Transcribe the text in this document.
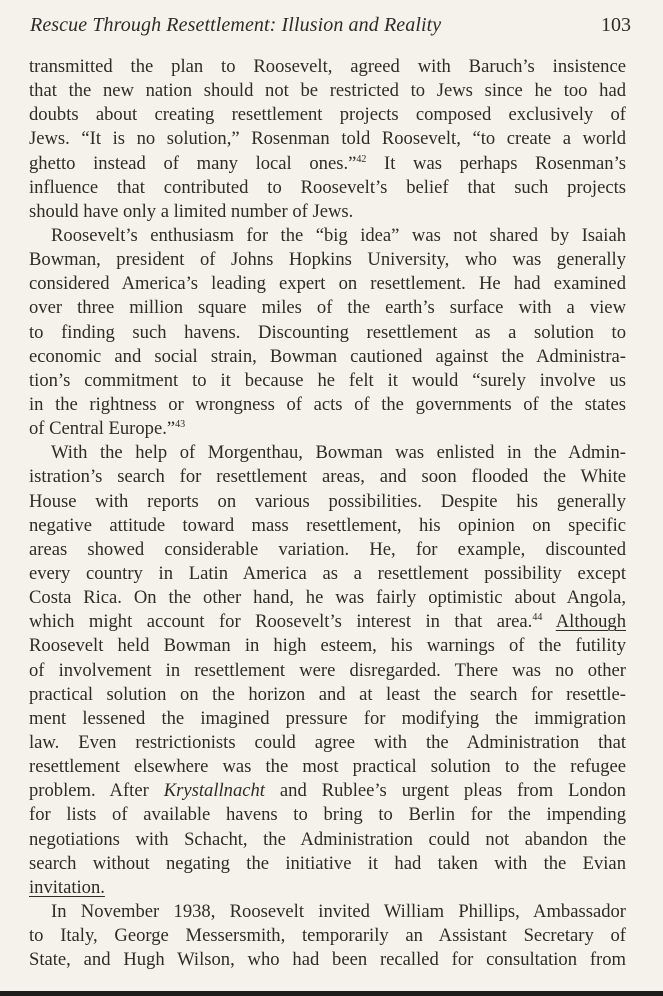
Rescue Through Resettlement: Illusion and Reality	103
transmitted the plan to Roosevelt, agreed with Baruch’s insistence
that the new nation should not be restricted to Jews since he too had
doubts about creating resettlement projects composed exclusively of
Jews. “It is no solution,” Rosenman told Roosevelt, “to create a world
ghetto instead of many local ones.”$^{42}$ It was perhaps Rosenman’s
influence that contributed to Roosevelt’s belief that such projects
should have only a limited number of Jews.
Roosevelt’s enthusiasm for the “big idea” was not shared by Isaiah
Bowman, president of Johns Hopkins University, who was generally
considered America’s leading expert on resettlement. He had examined
over three million square miles of the earth’s surface with a view
to finding such havens. Discounting resettlement as a solution to
economic and social strain, Bowman cautioned against the Administra-
tion’s commitment to it because he felt it would “surely involve us
in the rightness or wrongness of acts of the governments of the states
of Central Europe.”$^{43}$
With the help of Morgenthau, Bowman was enlisted in the Admin-
istration’s search for resettlement areas, and soon flooded the White
House with reports on various possibilities. Despite his generally
negative attitude toward mass resettlement, his opinion on specific
areas showed considerable variation. He, for example, discounted
every country in Latin America as a resettlement possibility except
Costa Rica. On the other hand, he was fairly optimistic about Angola,
which might account for Roosevelt’s interest in that area.$^{44}$ Although
Roosevelt held Bowman in high esteem, his warnings of the futility
of involvement in resettlement were disregarded. There was no other
practical solution on the horizon and at least the search for resettle-
ment lessened the imagined pressure for modifying the immigration
law. Even restrictionists could agree with the Administration that
resettlement elsewhere was the most practical solution to the refugee
problem. After Krystallnacht and Rublee’s urgent pleas from London
for lists of available havens to bring to Berlin for the impending
negotiations with Schacht, the Administration could not abandon the
search without negating the initiative it had taken with the Evian
invitation.
In November 1938, Roosevelt invited William Phillips, Ambassador
to Italy, George Messersmith, temporarily an Assistant Secretary of
State, and Hugh Wilson, who had been recalled for consultation from
